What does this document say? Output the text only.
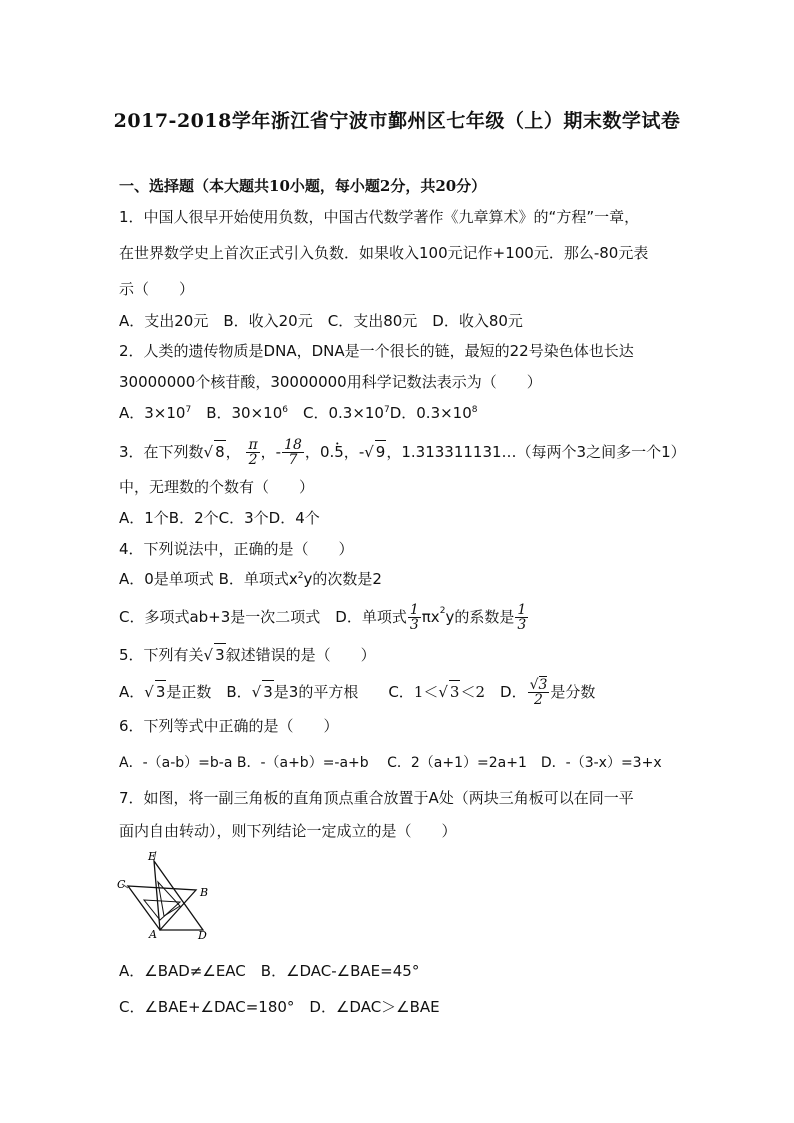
2017-2018学年浙江省宁波市鄞州区七年级（上）期末数学试卷
一、选择题（本大题共10小题，每小题2分，共20分）
1．中国人很早开始使用负数，中国古代数学著作《九章算术》的“方程”一章，
在世界数学史上首次正式引入负数．如果收入100元记作+100元．那么-80元表
示（　　）
A．支出20元　B．收入20元　C．支出80元　D．收入80元
2．人类的遗传物质是DNA，DNA是一个很长的链，最短的22号染色体也长达
30000000个核苷酸，30000000用科学记数法表示为（　　）
A．$3\times 10^7$　B．$30\times 10^6$　C．$0.3\times 10^7D$．$0.3\times 10^8$
3．在下列数√ 8， $\frac{\pi}{2}$ ，- $\frac{18}{7}$ ，0.• 5，-√ 9，1.313311131…（每两个3之间多一个1）
中，无理数的个数有（　　）
A．1个B．2个C．3个D．4个
4．下列说法中，正确的是（　　）
A．0是单项式 B．单项式$x^2y$的次数是2
C．多项式ab+3是一次二项式　D．单项式 $\frac{1}{3} \pi x^2y$的系数是 $\frac{1}{3}$
5．下列有关√ 3叙述错误的是（　　）
A．√ 3是正数　B．√ 3是3的平方根　　C．1＜√ 3＜2　D． $\frac{√3}{2}$ 是分数
6．下列等式中正确的是（　　）
A．-（a-b）=b-a B．-（a+b）=-a+b　 C．2（a+1）=2a+1　D．-（3-x）=3+x
7．如图，将一副三角板的直角顶点重合放置于A处（两块三角板可以在同一平
面内自由转动），则下列结论一定成立的是（　　）
E
C
B
A	D
A．∠BAD≠∠EAC　B．∠DAC-∠BAE=45°
C．∠BAE+∠DAC=180°　D．∠DAC＞∠BAE
